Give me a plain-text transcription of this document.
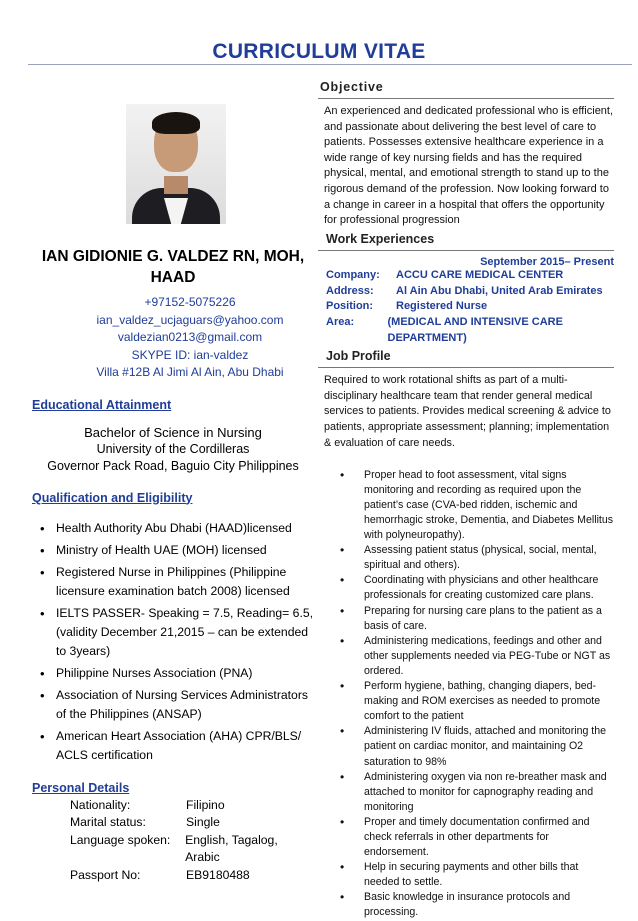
CURRICULUM VITAE
IAN GIDIONIE G. VALDEZ RN, MOH, HAAD
+97152-5075226
ian_valdez_ucjaguars@yahoo.com
valdezian0213@gmail.com
SKYPE ID: ian-valdez
Villa #12B Al Jimi Al Ain, Abu Dhabi
Educational Attainment
Bachelor of Science in Nursing
University of the Cordilleras
Governor Pack Road, Baguio City Philippines
Qualification and Eligibility
• Health Authority Abu Dhabi (HAAD)licensed
• Ministry of Health UAE (MOH) licensed
• Registered Nurse in Philippines (Philippine licensure examination batch 2008) licensed
• IELTS PASSER- Speaking = 7.5, Reading= 6.5, (validity December 21,2015 – can be extended to 3years)
• Philippine Nurses Association (PNA)
• Association of Nursing Services Administrators of the Philippines (ANSAP)
• American Heart Association (AHA) CPR/BLS/ ACLS certification
Personal Details
Nationality:	Filipino
Marital status:	Single
Language spoken:	English, Tagalog, Arabic
Passport No:	EB9180488
Objective
An experienced and dedicated professional who is efficient, and passionate about delivering the best level of care to patients. Possesses extensive healthcare experience in a wide range of key nursing fields and has the required physical, mental, and emotional strength to stand up to the rigorous demand of the profession. Now looking forward to a change in career in a hospital that offers the opportunity for professional progression
Work Experiences
September 2015– Present
Company:	ACCU CARE MEDICAL CENTER
Address:	Al Ain Abu Dhabi, United Arab Emirates
Position:	Registered Nurse
Area:	(MEDICAL AND INTENSIVE CARE DEPARTMENT)
Job Profile
Required to work rotational shifts as part of a multi-disciplinary healthcare team that render general medical services to patients. Provides medical screening & advice to patients, appropriate assessment; planning; implementation & evaluation of care needs.
• Proper head to foot assessment, vital signs monitoring and recording as required upon the patient’s case (CVA-bed ridden, ischemic and hemorrhagic stroke, Dementia, and Diabetes Mellitus with polyneuropathy).
• Assessing patient status (physical, social, mental, spiritual and others).
• Coordinating with physicians and other healthcare professionals for creating customized care plans.
• Preparing for nursing care plans to the patient as a basis of care.
• Administering medications, feedings and other and other supplements needed via PEG-Tube or NGT as ordered.
• Perform hygiene, bathing, changing diapers, bed-making and ROM exercises as needed to promote comfort to the patient
• Administering IV fluids, attached and monitoring the patient on cardiac monitor, and maintaining O2 saturation to 98%
• Administering oxygen via non re-breather mask and attached to monitor for capnography reading and monitoring
• Proper and timely documentation confirmed and check referrals in other departments for endorsement.
• Help in securing payments and other bills that needed to settle.
• Basic knowledge in insurance protocols and processing.
